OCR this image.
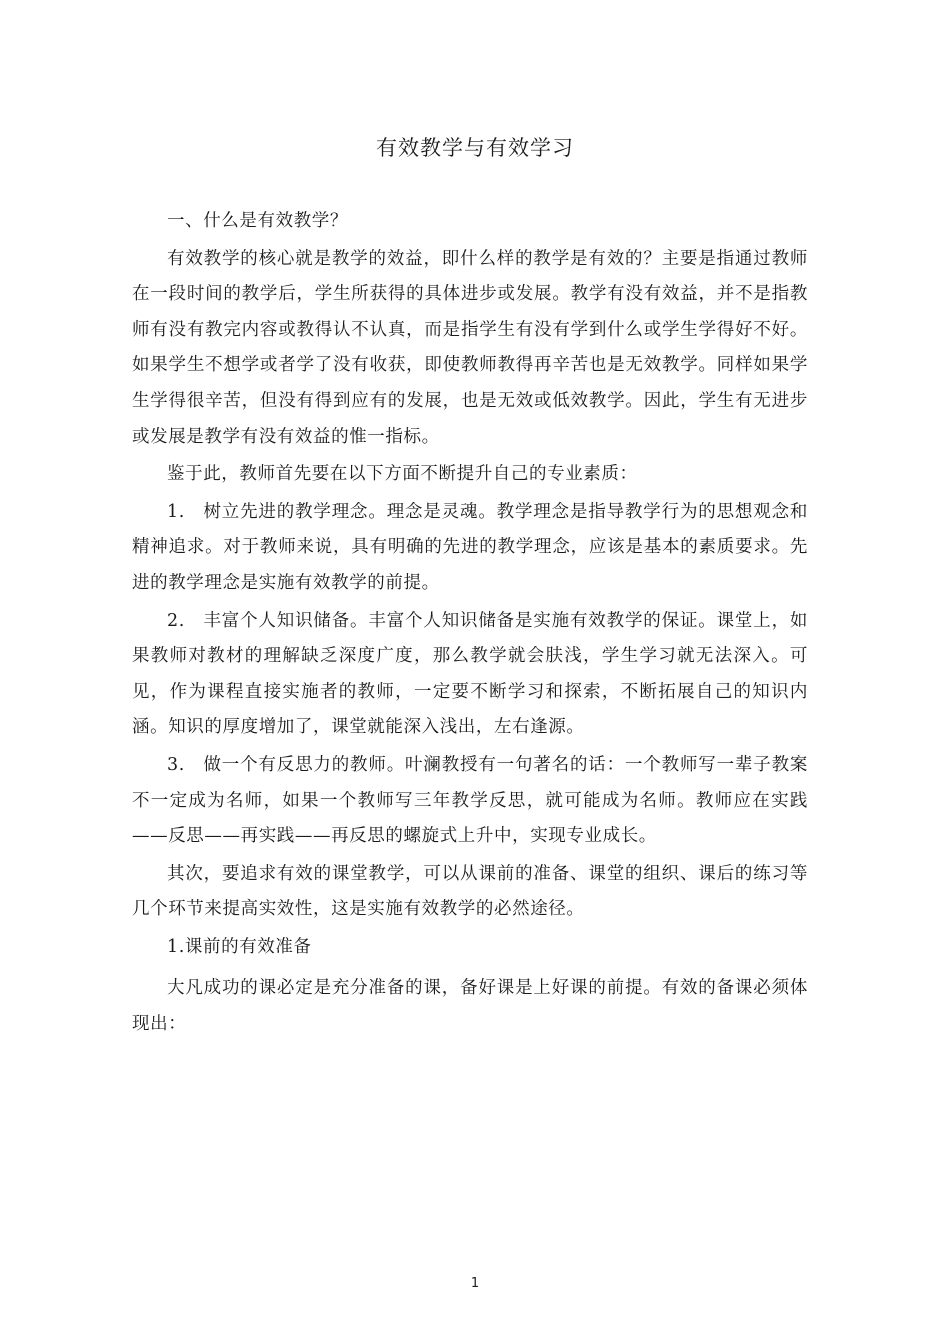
有效教学与有效学习

一、什么是有效教学？

有效教学的核心就是教学的效益，即什么样的教学是有效的？主要是指通过教师在一段时间的教学后，学生所获得的具体进步或发展。教学有没有效益，并不是指教师有没有教完内容或教得认不认真，而是指学生有没有学到什么或学生学得好不好。如果学生不想学或者学了没有收获，即使教师教得再辛苦也是无效教学。同样如果学生学得很辛苦，但没有得到应有的发展，也是无效或低效教学。因此，学生有无进步或发展是教学有没有效益的惟一指标。

鉴于此，教师首先要在以下方面不断提升自己的专业素质：

1.　树立先进的教学理念。理念是灵魂。教学理念是指导教学行为的思想观念和精神追求。对于教师来说，具有明确的先进的教学理念，应该是基本的素质要求。先进的教学理念是实施有效教学的前提。

2.　丰富个人知识储备。丰富个人知识储备是实施有效教学的保证。课堂上，如果教师对教材的理解缺乏深度广度，那么教学就会肤浅，学生学习就无法深入。可见，作为课程直接实施者的教师，一定要不断学习和探索，不断拓展自己的知识内涵。知识的厚度增加了，课堂就能深入浅出，左右逢源。

3.　做一个有反思力的教师。叶澜教授有一句著名的话：一个教师写一辈子教案不一定成为名师，如果一个教师写三年教学反思，就可能成为名师。教师应在实践——反思——再实践——再反思的螺旋式上升中，实现专业成长。

其次，要追求有效的课堂教学，可以从课前的准备、课堂的组织、课后的练习等几个环节来提高实效性，这是实施有效教学的必然途径。

1.课前的有效准备

大凡成功的课必定是充分准备的课，备好课是上好课的前提。有效的备课必须体现出：

1
